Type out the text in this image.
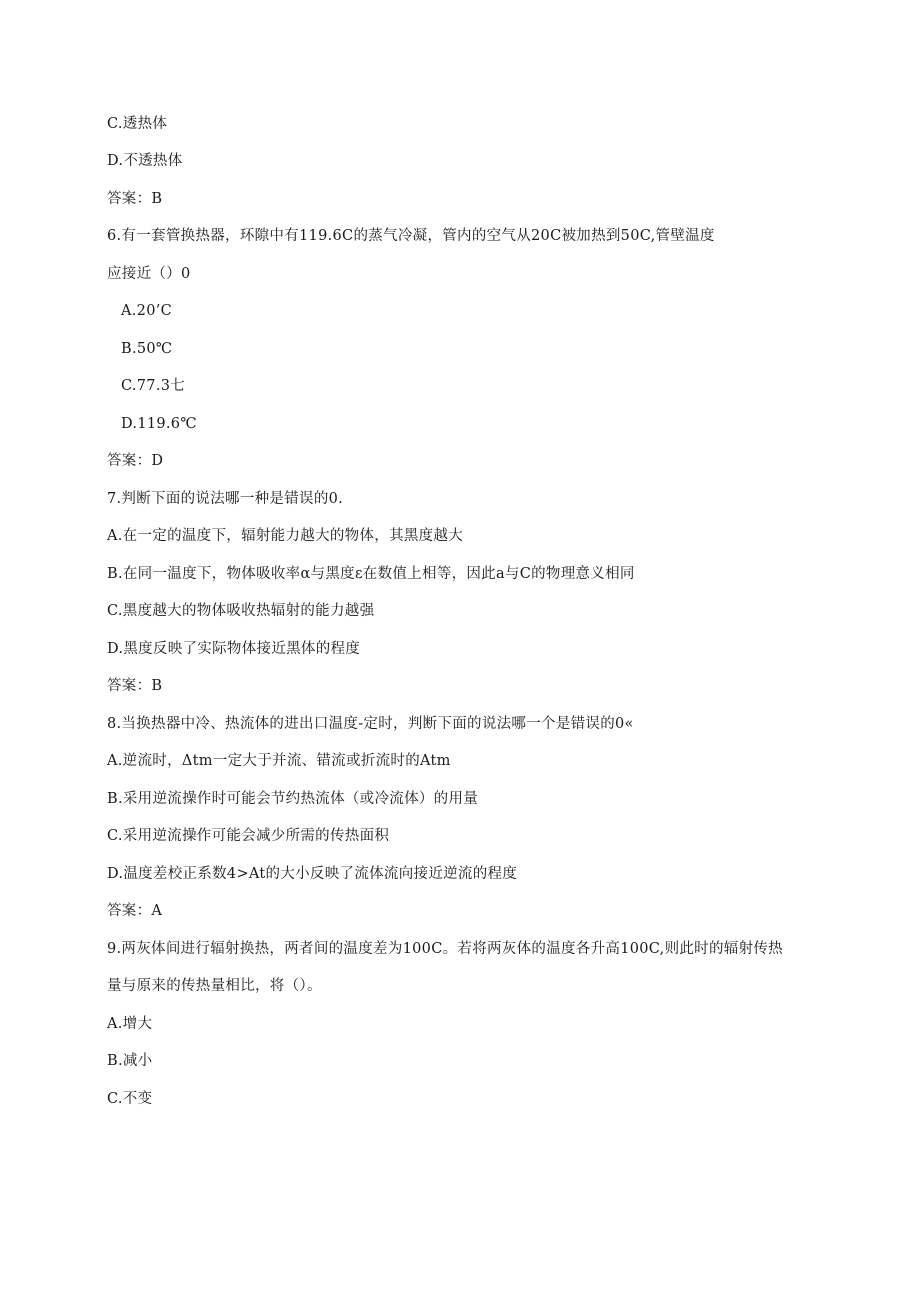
C.透热体
D.不透热体
答案：B
6.有一套管换热器，环隙中有119.6C的蒸气冷凝，管内的空气从20C被加热到50C,管壁温度
应接近（）0
A.20’C
B.50℃
C.77.3七
D.119.6℃
答案：D
7.判断下面的说法哪一种是错误的0.
A.在一定的温度下，辐射能力越大的物体，其黑度越大
B.在同一温度下，物体吸收率α与黑度ε在数值上相等，因此a与C的物理意义相同
C.黑度越大的物体吸收热辐射的能力越强
D.黑度反映了实际物体接近黑体的程度
答案：B
8.当换热器中冷、热流体的进出口温度-定时，判断下面的说法哪一个是错误的0«
A.逆流时，Δtm一定大于并流、错流或折流时的Atm
B.采用逆流操作时可能会节约热流体（或冷流体）的用量
C.采用逆流操作可能会减少所需的传热面积
D.温度差校正系数4>At的大小反映了流体流向接近逆流的程度
答案：A
9.两灰体间进行辐射换热，两者间的温度差为100C。若将两灰体的温度各升高100C,则此时的辐射传热
量与原来的传热量相比，将（）。
A.增大
B.减小
C.不变
